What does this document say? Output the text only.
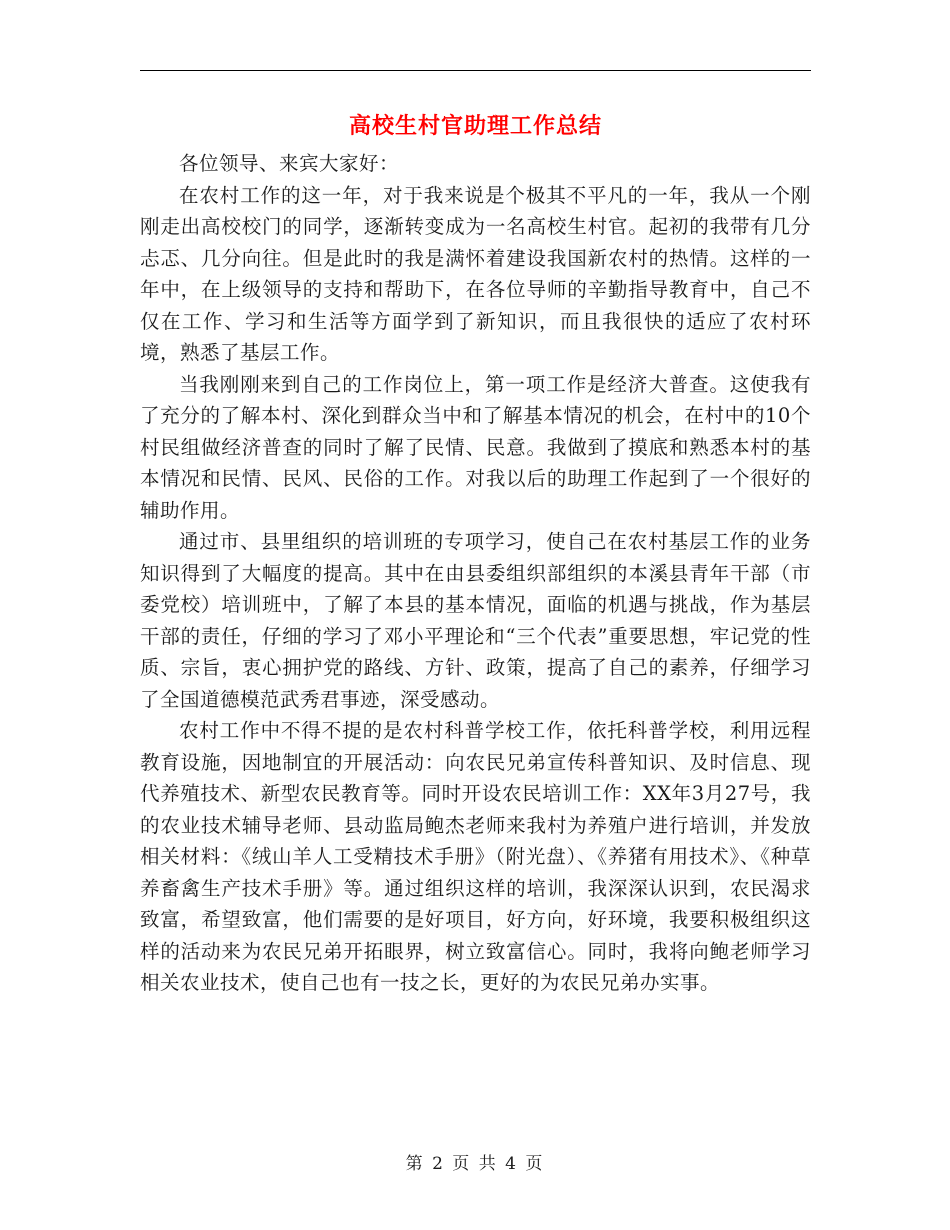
高校生村官助理工作总结

各位领导、来宾大家好：

在农村工作的这一年，对于我来说是个极其不平凡的一年，我从一个刚刚走出高校校门的同学，逐渐转变成为一名高校生村官。起初的我带有几分忐忑、几分向往。但是此时的我是满怀着建设我国新农村的热情。这样的一年中，在上级领导的支持和帮助下，在各位导师的辛勤指导教育中，自己不仅在工作、学习和生活等方面学到了新知识，而且我很快的适应了农村环境，熟悉了基层工作。

当我刚刚来到自己的工作岗位上，第一项工作是经济大普查。这使我有了充分的了解本村、深化到群众当中和了解基本情况的机会，在村中的10个村民组做经济普查的同时了解了民情、民意。我做到了摸底和熟悉本村的基本情况和民情、民风、民俗的工作。对我以后的助理工作起到了一个很好的辅助作用。

通过市、县里组织的培训班的专项学习，使自己在农村基层工作的业务知识得到了大幅度的提高。其中在由县委组织部组织的本溪县青年干部（市委党校）培训班中，了解了本县的基本情况，面临的机遇与挑战，作为基层干部的责任，仔细的学习了邓小平理论和“三个代表”重要思想，牢记党的性质、宗旨，衷心拥护党的路线、方针、政策，提高了自己的素养，仔细学习了全国道德模范武秀君事迹，深受感动。

农村工作中不得不提的是农村科普学校工作，依托科普学校，利用远程教育设施，因地制宜的开展活动：向农民兄弟宣传科普知识、及时信息、现代养殖技术、新型农民教育等。同时开设农民培训工作：XX年3月27号，我的农业技术辅导老师、县动监局鲍杰老师来我村为养殖户进行培训，并发放相关材料：《绒山羊人工受精技术手册》（附光盘）、《养猪有用技术》、《种草养畜禽生产技术手册》等。通过组织这样的培训，我深深认识到，农民渴求致富，希望致富，他们需要的是好项目，好方向，好环境，我要积极组织这样的活动来为农民兄弟开拓眼界，树立致富信心。同时，我将向鲍老师学习相关农业技术，使自己也有一技之长，更好的为农民兄弟办实事。

第 2 页 共 4 页
